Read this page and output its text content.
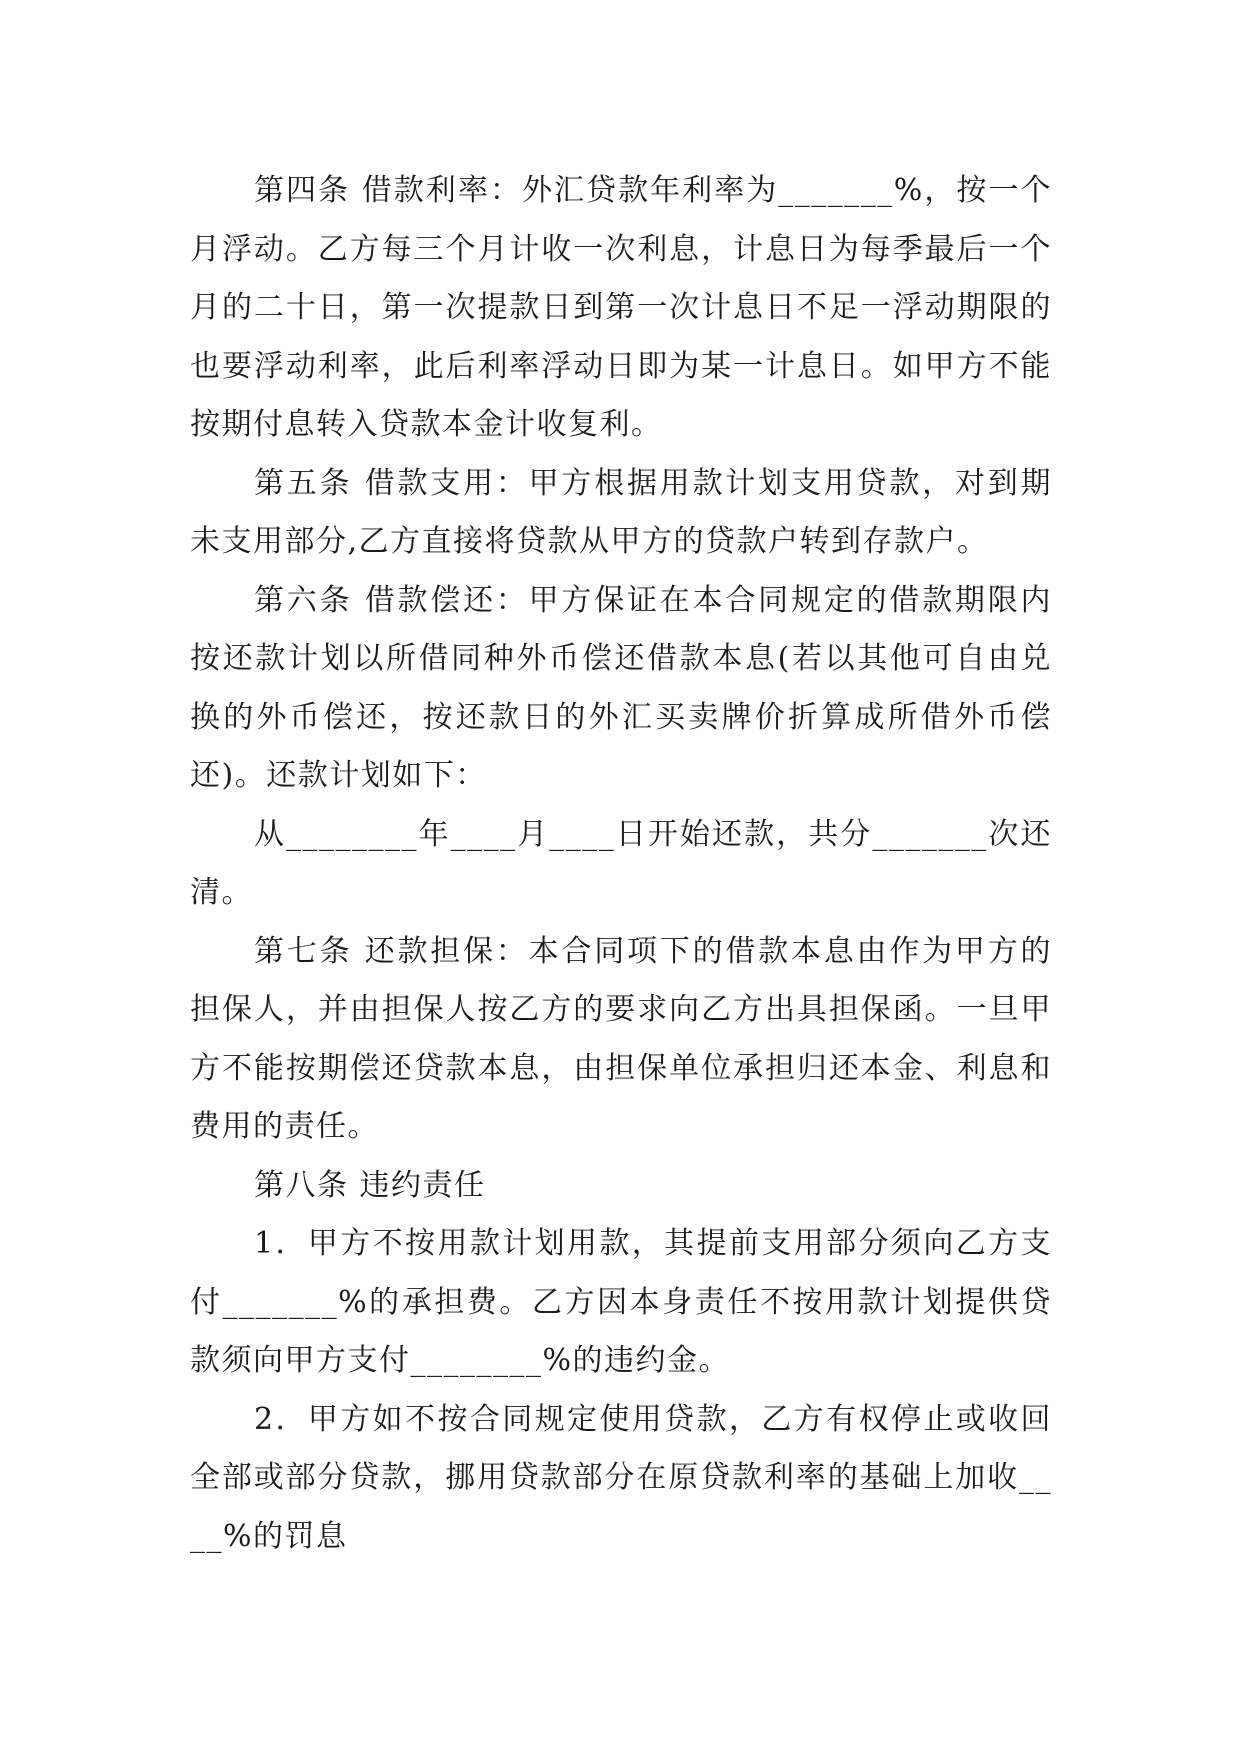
第四条 借款利率：外汇贷款年利率为_______%，按一个月浮动。乙方每三个月计收一次利息，计息日为每季最后一个月的二十日，第一次提款日到第一次计息日不足一浮动期限的也要浮动利率，此后利率浮动日即为某一计息日。如甲方不能按期付息转入贷款本金计收复利。

第五条 借款支用：甲方根据用款计划支用贷款，对到期未支用部分,乙方直接将贷款从甲方的贷款户转到存款户。

第六条 借款偿还：甲方保证在本合同规定的借款期限内按还款计划以所借同种外币偿还借款本息(若以其他可自由兑换的外币偿还，按还款日的外汇买卖牌价折算成所借外币偿还)。还款计划如下：

从________年____月____日开始还款，共分_______次还清。

第七条 还款担保：本合同项下的借款本息由作为甲方的担保人，并由担保人按乙方的要求向乙方出具担保函。一旦甲方不能按期偿还贷款本息，由担保单位承担归还本金、利息和费用的责任。

第八条 违约责任

1．甲方不按用款计划用款，其提前支用部分须向乙方支付_______%的承担费。乙方因本身责任不按用款计划提供贷款须向甲方支付________%的违约金。

2．甲方如不按合同规定使用贷款，乙方有权停止或收回全部或部分贷款，挪用贷款部分在原贷款利率的基础上加收____%的罚息
